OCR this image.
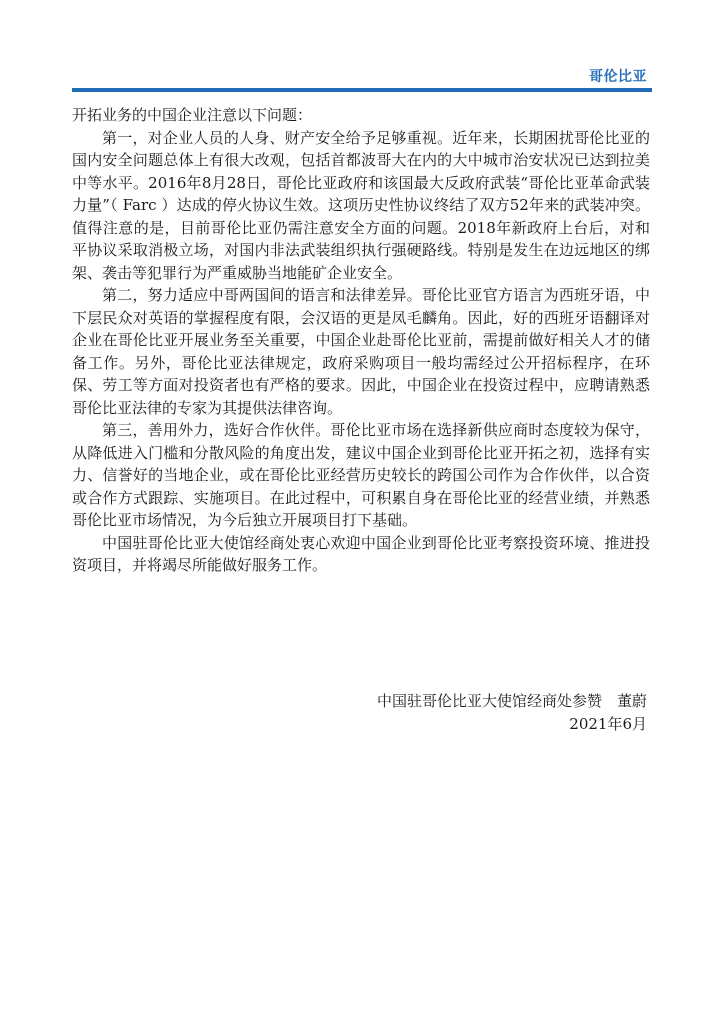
哥伦比亚

开拓业务的中国企业注意以下问题：

第一，对企业人员的人身、财产安全给予足够重视。近年来，长期困扰哥伦比亚的国内安全问题总体上有很大改观，包括首都波哥大在内的大中城市治安状况已达到拉美中等水平。2016年8月28日，哥伦比亚政府和该国最大反政府武装“哥伦比亚革命武装力量”（ Farc ）达成的停火协议生效。这项历史性协议终结了双方52年来的武装冲突。值得注意的是，目前哥伦比亚仍需注意安全方面的问题。2018年新政府上台后，对和平协议采取消极立场，对国内非法武装组织执行强硬路线。特别是发生在边远地区的绑架、袭击等犯罪行为严重威胁当地能矿企业安全。

第二，努力适应中哥两国间的语言和法律差异。哥伦比亚官方语言为西班牙语，中下层民众对英语的掌握程度有限，会汉语的更是凤毛麟角。因此，好的西班牙语翻译对企业在哥伦比亚开展业务至关重要，中国企业赴哥伦比亚前，需提前做好相关人才的储备工作。另外，哥伦比亚法律规定，政府采购项目一般均需经过公开招标程序，在环保、劳工等方面对投资者也有严格的要求。因此，中国企业在投资过程中，应聘请熟悉哥伦比亚法律的专家为其提供法律咨询。

第三，善用外力，选好合作伙伴。哥伦比亚市场在选择新供应商时态度较为保守，从降低进入门槛和分散风险的角度出发，建议中国企业到哥伦比亚开拓之初，选择有实力、信誉好的当地企业，或在哥伦比亚经营历史较长的跨国公司作为合作伙伴，以合资或合作方式跟踪、实施项目。在此过程中，可积累自身在哥伦比亚的经营业绩，并熟悉哥伦比亚市场情况，为今后独立开展项目打下基础。

中国驻哥伦比亚大使馆经商处衷心欢迎中国企业到哥伦比亚考察投资环境、推进投资项目，并将竭尽所能做好服务工作。

中国驻哥伦比亚大使馆经商处参赞　董蔚
2021年6月
